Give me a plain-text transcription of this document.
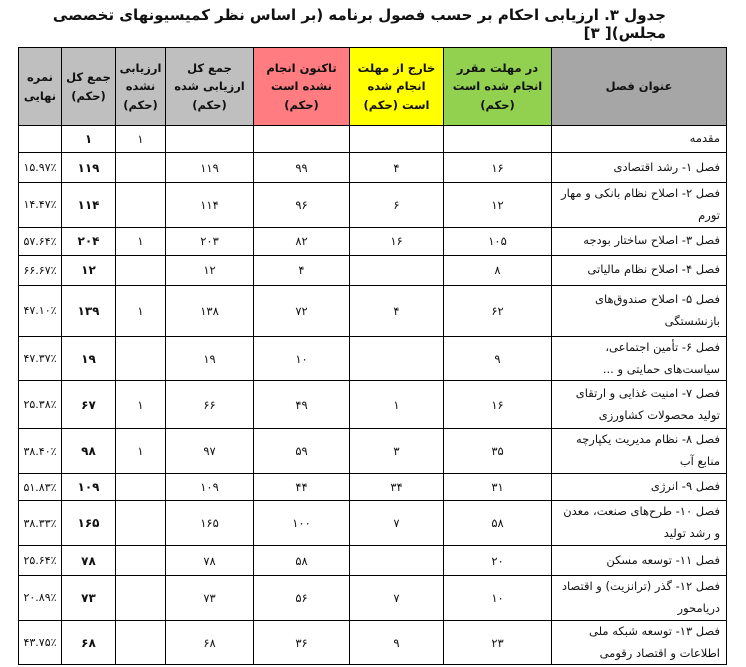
جدول ۳. ارزیابی احکام بر حسب فصول برنامه (بر اساس نظر کمیسیونهای تخصصی مجلس)[ ۳]
عنوان فصل	در مهلت مقرر انجام شده است (حکم)	خارج از مهلت انجام شده است (حکم)	تاکنون انجام نشده است (حکم)	جمع کل ارزیابی شده (حکم)	ارزیابی نشده (حکم)	جمع کل (حکم)	نمره نهایی
مقدمه					۱	۱	
فصل ۱- رشد اقتصادی	۱۶	۴	۹۹	۱۱۹		۱۱۹	۱۵.۹۷٪
فصل ۲- اصلاح نظام بانکی و مهار تورم	۱۲	۶	۹۶	۱۱۴		۱۱۴	۱۴.۴۷٪
فصل ۳- اصلاح ساختار بودجه	۱۰۵	۱۶	۸۲	۲۰۳	۱	۲۰۴	۵۷.۶۴٪
فصل ۴- اصلاح نظام مالیاتی	۸		۴	۱۲		۱۲	۶۶.۶۷٪
فصل ۵- اصلاح صندوق‌های بازنشستگی	۶۲	۴	۷۲	۱۳۸	۱	۱۳۹	۴۷.۱۰٪
فصل ۶- تأمین اجتماعی، سیاست‌های حمایتی و ...	۹		۱۰	۱۹		۱۹	۴۷.۳۷٪
فصل ۷- امنیت غذایی و ارتقای تولید محصولات کشاورزی	۱۶	۱	۴۹	۶۶	۱	۶۷	۲۵.۳۸٪
فصل ۸- نظام مدیریت یکپارچه منابع آب	۳۵	۳	۵۹	۹۷	۱	۹۸	۳۸.۴۰٪
فصل ۹- انرژی	۳۱	۳۴	۴۴	۱۰۹		۱۰۹	۵۱.۸۳٪
فصل ۱۰- طرح‌های صنعت، معدن و رشد تولید	۵۸	۷	۱۰۰	۱۶۵		۱۶۵	۳۸.۳۳٪
فصل ۱۱- توسعه مسکن	۲۰		۵۸	۷۸		۷۸	۲۵.۶۴٪
فصل ۱۲- گذر (ترانزیت) و اقتصاد دریامحور	۱۰	۷	۵۶	۷۳		۷۳	۲۰.۸۹٪
فصل ۱۳- توسعه شبکه ملی اطلاعات و اقتصاد رقومی	۲۳	۹	۳۶	۶۸		۶۸	۴۳.۷۵٪
